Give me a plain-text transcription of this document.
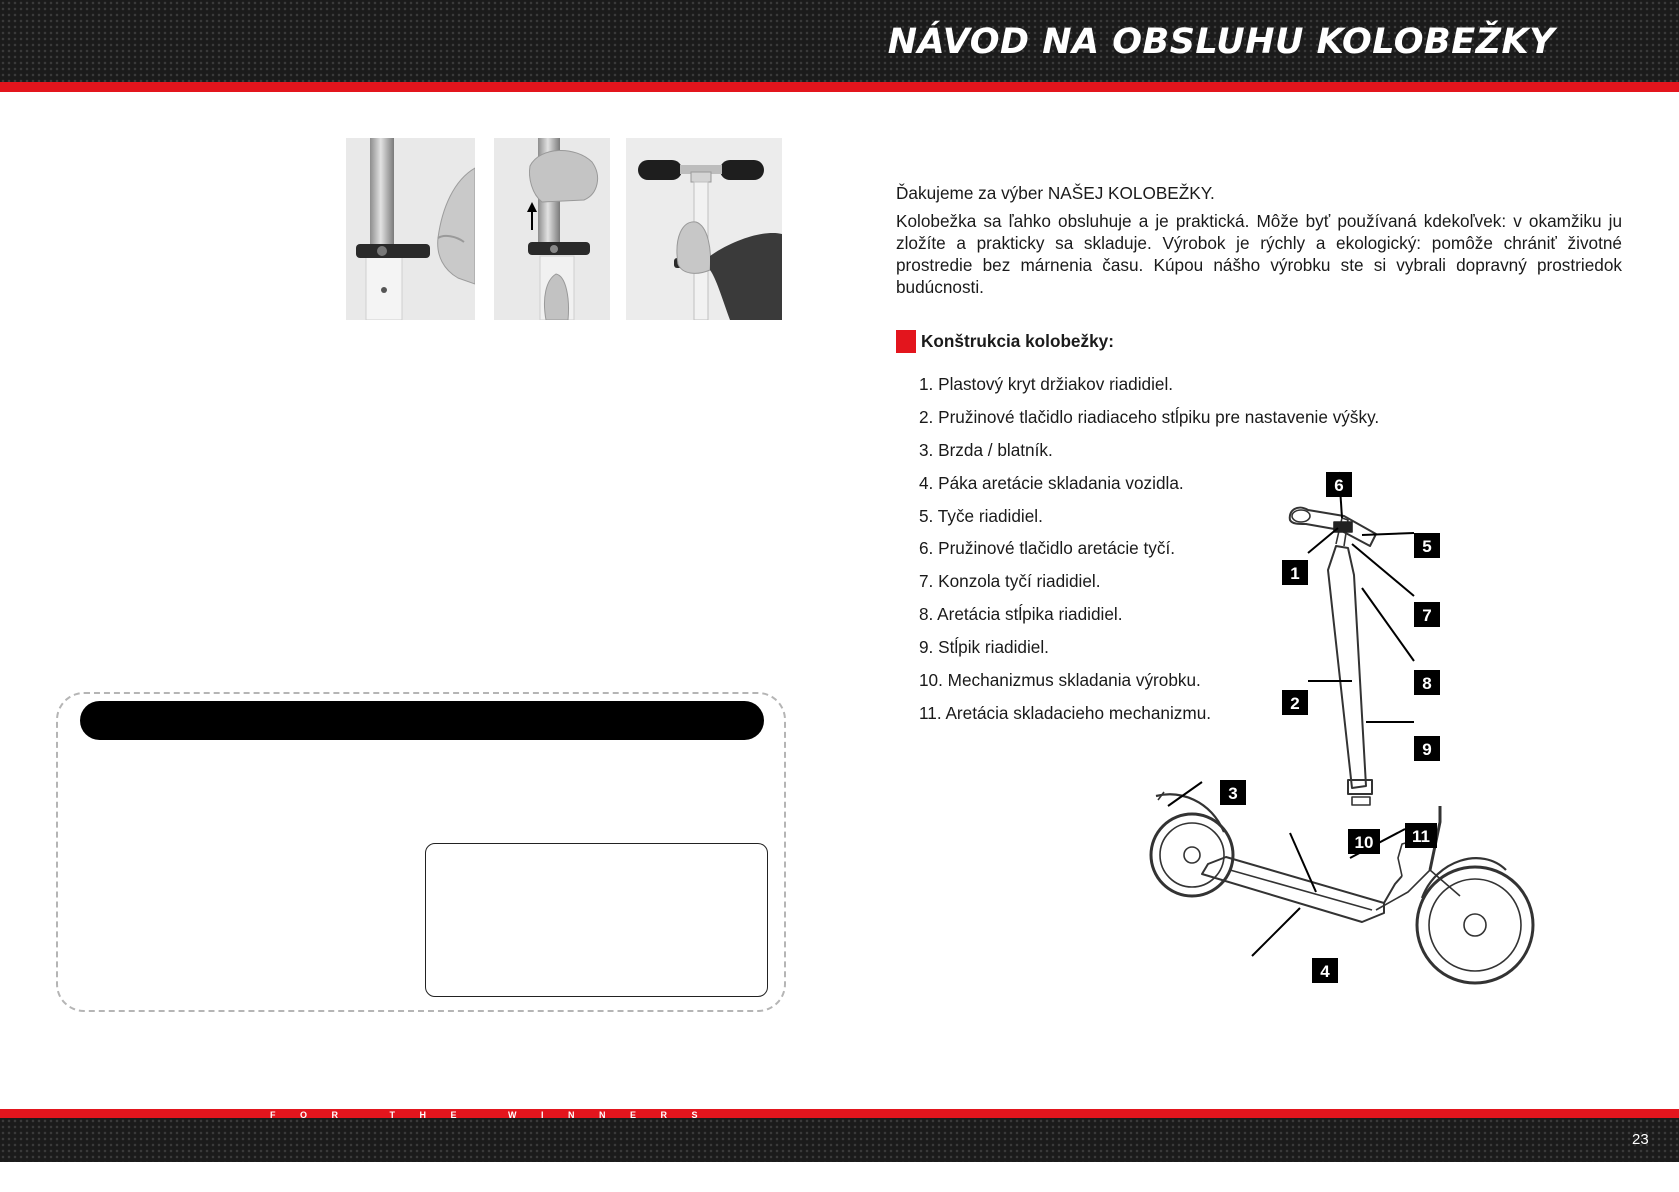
NÁVOD NA OBSLUHU KOLOBEŽKY

Ďakujeme za výber NAŠEJ KOLOBEŽKY.

Kolobežka sa ľahko obsluhuje a je praktická. Môže byť používaná kdekoľvek: v okamžiku ju zložíte a prakticky sa skladuje. Výrobok je rýchly a ekologický: pomôže chrániť životné prostredie bez márnenia času. Kúpou nášho výrobku ste si vybrali dopravný prostriedok budúcnosti.

Konštrukcia kolobežky:
1. Plastový kryt držiakov riadidiel.
2. Pružinové tlačidlo riadiaceho stĺpiku pre nastavenie výšky.
3. Brzda / blatník.
4. Páka aretácie skladania vozidla.
5. Tyče riadidiel.
6. Pružinové tlačidlo aretácie tyčí.
7. Konzola tyčí riadidiel.
8. Aretácia stĺpika riadidiel.
9. Stĺpik riadidiel.
10. Mechanizmus skladania výrobku.
11. Aretácia skladacieho mechanizmu.
6
5
1
7
8
2
9
3
10 11
4
FOR THE WINNERS
23
